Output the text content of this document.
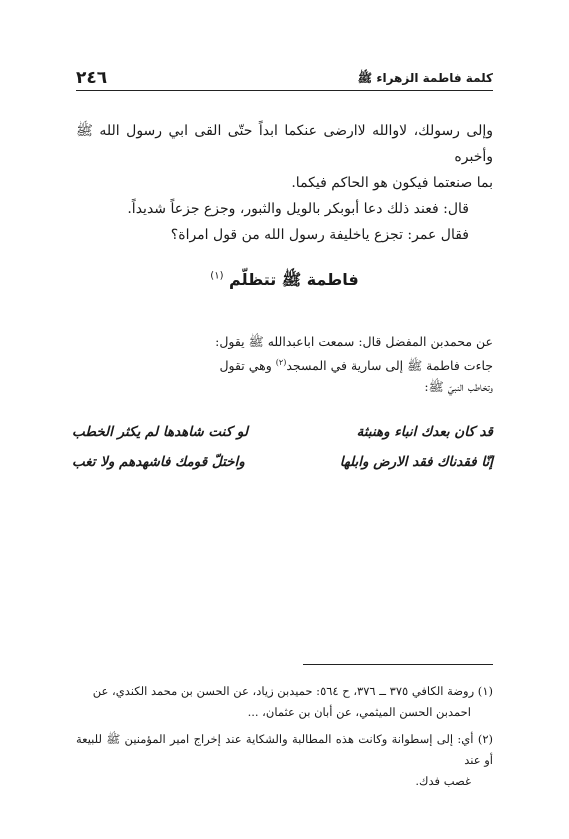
كلمة فاطمة الزهراء ﷺ
٢٤٦

وإلى رسولك، لاوالله لاارضى عنكما ابداً حتّى القى ابي رسول الله ﷺ وأخبره

بما صنعتما فيكون هو الحاكم فيكما.

قال: فعند ذلك دعا أبوبكر بالويل والثبور، وجزع جزعاً شديداً.

فقال عمر: تجزع ياخليفة رسول الله من قول امراة؟

فاطمة ﷺ تتظلّم $^{(١)}$

عن محمدبن المفضل قال: سمعت اباعبدالله ﷺ يقول:

جاءت فاطمة ﷺ إلى سارية في المسجد$^{(٢)}$ وهي تقول

وتخاطب النبيّ ﷺ:

قد كان بعدك انباء وهنبثة
لو كنت شاهدها لم يكثر الخطب
إنّا فقدناك فقد الارض وابلها
واختلّ قومك فاشهدهم ولا تغب
(١) روضة الكافي ٣٧٥ ــ ٣٧٦، ح ٥٦٤: حميدبن زياد، عن الحسن بن محمد الكندي، عن
احمدبن الحسن الميثمي، عن أبان بن عثمان، ...
(٢) أي: إلى إسطوانة وكانت هذه المطالبة والشكاية عند إخراج امير المؤمنين ﷺ للبيعة أو عند
غصب فدك.
